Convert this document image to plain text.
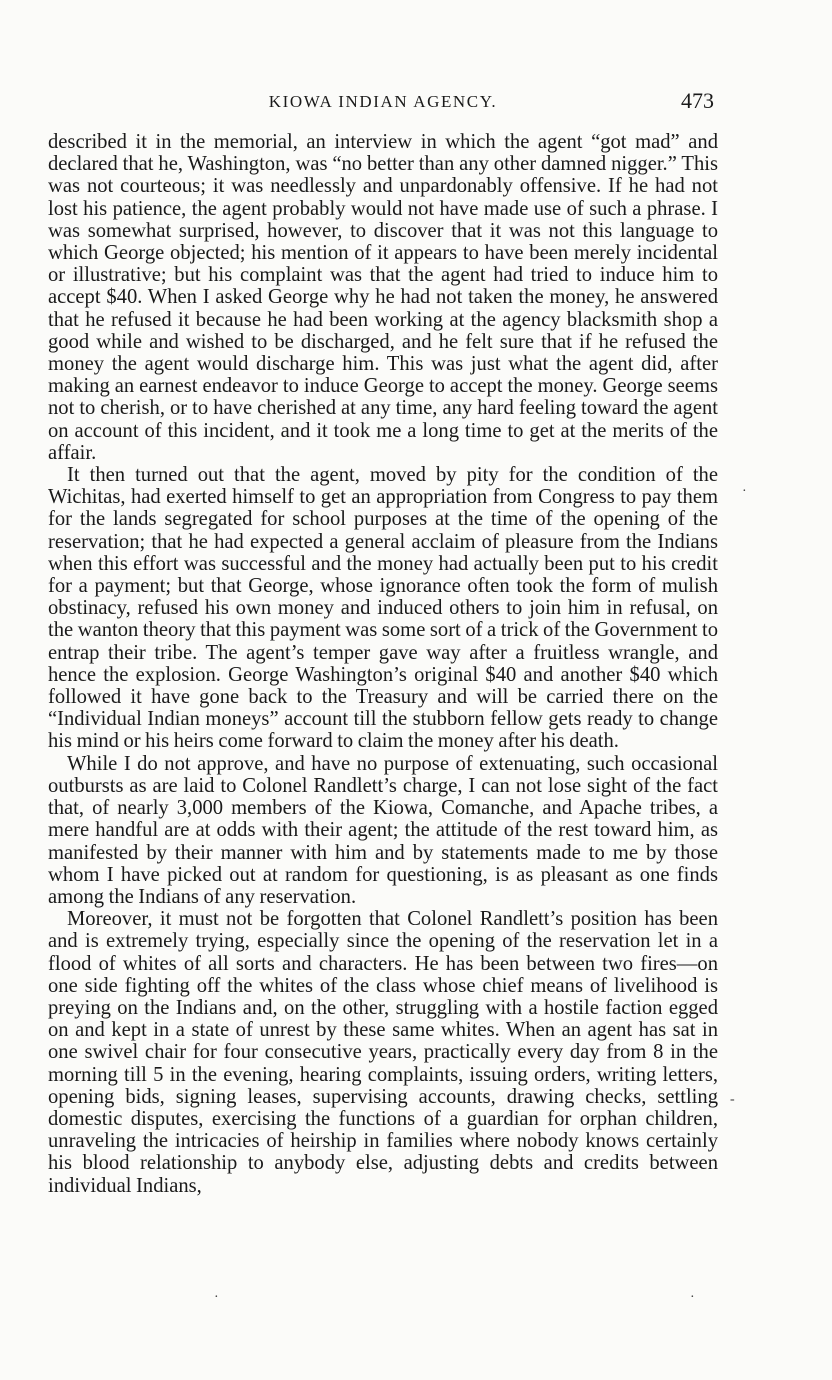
KIOWA INDIAN AGENCY.	473

described it in the memorial, an interview in which the agent “got mad” and declared that he, Washington, was “no better than any other damned nigger.” This was not courteous; it was needlessly and unpardonably offensive. If he had not lost his patience, the agent probably would not have made use of such a phrase. I was somewhat surprised, however, to discover that it was not this language to which George objected; his mention of it appears to have been merely incidental or illustrative; but his complaint was that the agent had tried to induce him to accept $40. When I asked George why he had not taken the money, he answered that he refused it because he had been working at the agency blacksmith shop a good while and wished to be discharged, and he felt sure that if he refused the money the agent would discharge him. This was just what the agent did, after making an earnest endeavor to induce George to accept the money. George seems not to cherish, or to have cherished at any time, any hard feeling toward the agent on account of this incident, and it took me a long time to get at the merits of the affair.

It then turned out that the agent, moved by pity for the condition of the Wichitas, had exerted himself to get an appropriation from Congress to pay them for the lands segregated for school purposes at the time of the opening of the reservation; that he had expected a general acclaim of pleasure from the Indians when this effort was successful and the money had actually been put to his credit for a payment; but that George, whose ignorance often took the form of mulish obstinacy, refused his own money and induced others to join him in refusal, on the wanton theory that this payment was some sort of a trick of the Government to entrap their tribe. The agent’s temper gave way after a fruitless wrangle, and hence the explosion. George Washington’s original $40 and another $40 which followed it have gone back to the Treasury and will be carried there on the “Individual Indian moneys” account till the stubborn fellow gets ready to change his mind or his heirs come forward to claim the money after his death.

While I do not approve, and have no purpose of extenuating, such occasional outbursts as are laid to Colonel Randlett’s charge, I can not lose sight of the fact that, of nearly 3,000 members of the Kiowa, Comanche, and Apache tribes, a mere handful are at odds with their agent; the attitude of the rest toward him, as manifested by their manner with him and by statements made to me by those whom I have picked out at random for questioning, is as pleasant as one finds among the Indians of any reservation.

Moreover, it must not be forgotten that Colonel Randlett’s position has been and is extremely trying, especially since the opening of the reservation let in a flood of whites of all sorts and characters. He has been between two fires—on one side fighting off the whites of the class whose chief means of livelihood is preying on the Indians and, on the other, struggling with a hostile faction egged on and kept in a state of unrest by these same whites. When an agent has sat in one swivel chair for four consecutive years, practically every day from 8 in the morning till 5 in the evening, hearing complaints, issuing orders, writing letters, opening bids, signing leases, supervising accounts, drawing checks, settling domestic disputes, exercising the functions of a guardian for orphan children, unraveling the intricacies of heirship in families where nobody knows certainly his blood relationship to anybody else, adjusting debts and credits between individual Indians,

·
-
·	·
